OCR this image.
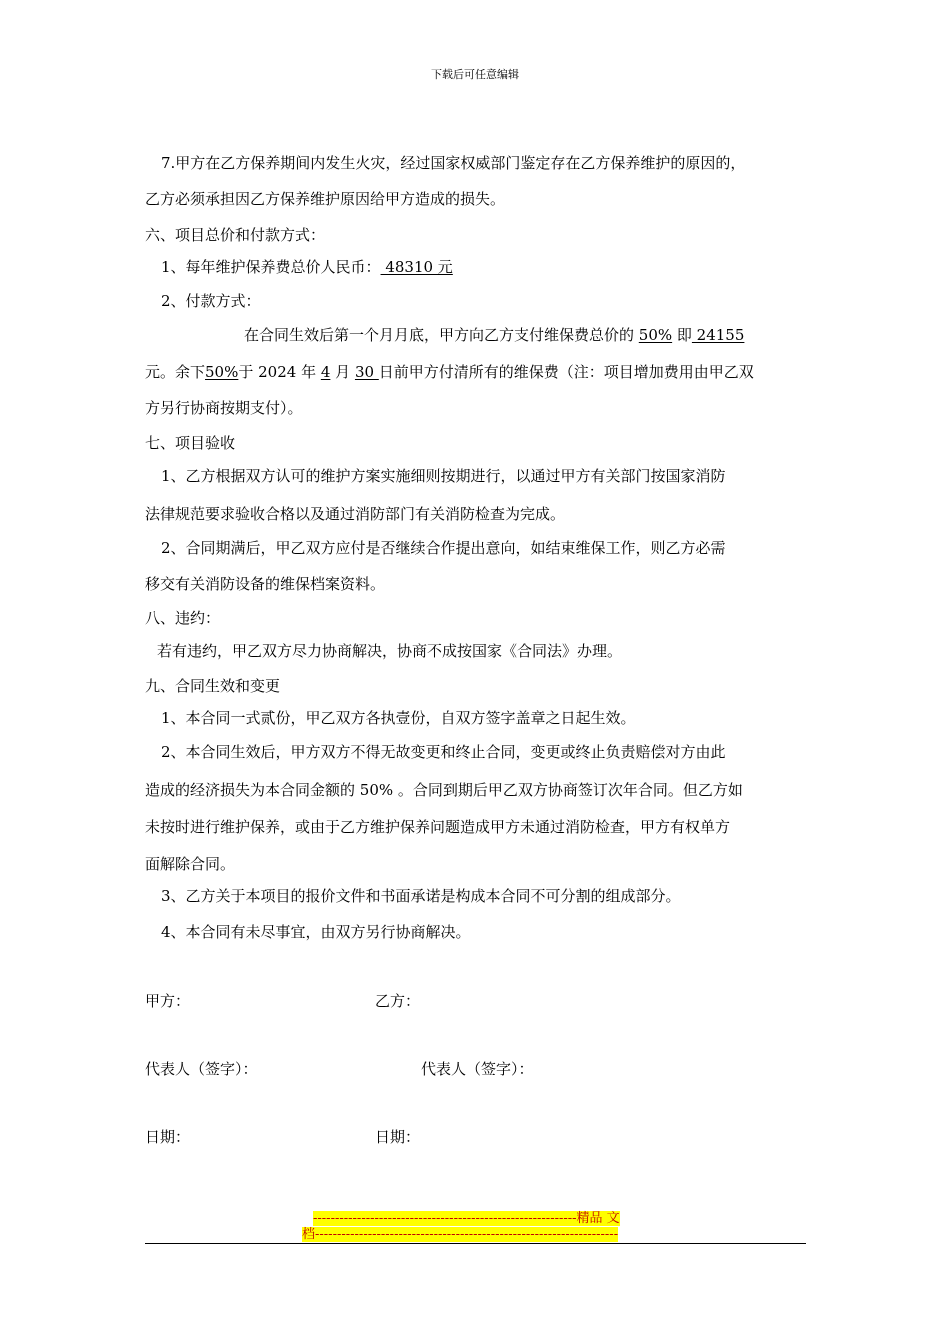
下载后可任意编辑
7.甲方在乙方保养期间内发生火灾，经过国家权威部门鉴定存在乙方保养维护的原因的，
乙方必须承担因乙方保养维护原因给甲方造成的损失。
六、项目总价和付款方式：
1、每年维护保养费总价人民币： 48310 元
2、付款方式：
在合同生效后第一个月月底，甲方向乙方支付维保费总价的 50% 即 24155
元。余下50%于 2024 年 4 月 30 日前甲方付清所有的维保费（注：项目增加费用由甲乙双
方另行协商按期支付）。
七、项目验收
1、乙方根据双方认可的维护方案实施细则按期进行，以通过甲方有关部门按国家消防
法律规范要求验收合格以及通过消防部门有关消防检查为完成。
2、合同期满后，甲乙双方应付是否继续合作提出意向，如结束维保工作，则乙方必需
移交有关消防设备的维保档案资料。
八、违约：
若有违约，甲乙双方尽力协商解决，协商不成按国家《合同法》办理。
九、合同生效和变更
1、本合同一式贰份，甲乙双方各执壹份，自双方签字盖章之日起生效。
2、本合同生效后，甲方双方不得无故变更和终止合同，变更或终止负责赔偿对方由此
造成的经济损失为本合同金额的 50% 。合同到期后甲乙双方协商签订次年合同。但乙方如
未按时进行维护保养，或由于乙方维护保养问题造成甲方未通过消防检查，甲方有权单方
面解除合同。
3、乙方关于本项目的报价文件和书面承诺是构成本合同不可分割的组成部分。
4、本合同有未尽事宜，由双方另行协商解决。
甲方：	乙方：
代表人（签字）：	代表人（签字）：
日期：	日期：
------------------------------------------------------------精品 文
档---------------------------------------------------------------------
